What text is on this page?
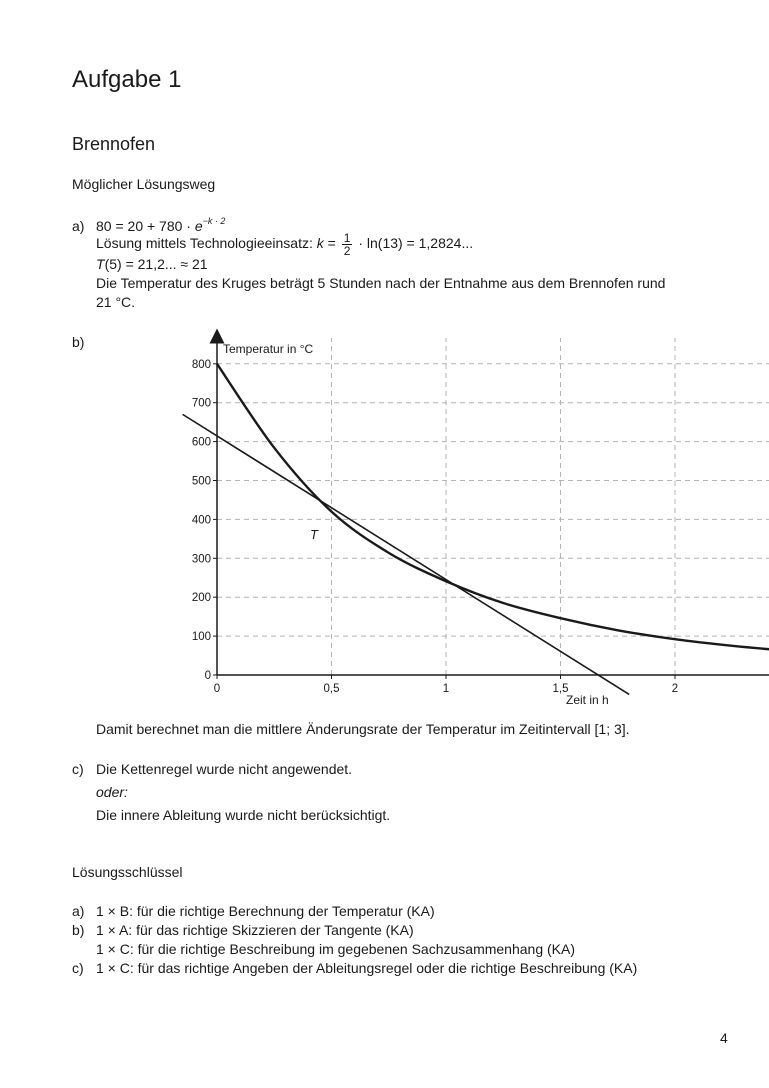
Aufgabe 1
Brennofen
Möglicher Lösungsweg
a) $80 = 20 + 780 \cdot e^{-k \cdot 2}$
Lösung mittels Technologieeinsatz: $k = \frac{1}{2} \cdot \ln(13) = 1,2824$...
T(5) = 21,2... ≈ 21
Die Temperatur des Kruges beträgt 5 Stunden nach der Entnahme aus dem Brennofen rund
21 °C.
b)
0
100
200
300
400
500
600
700
800
0	0,5	1	1,5	2
Temperatur in °C
Zeit in h
T
Damit berechnet man die mittlere Änderungsrate der Temperatur im Zeitintervall [1; 3].
c) Die Kettenregel wurde nicht angewendet.
oder:
Die innere Ableitung wurde nicht berücksichtigt.
Lösungsschlüssel
a) 1 × B: für die richtige Berechnung der Temperatur (KA)
b) 1 × A: für das richtige Skizzieren der Tangente (KA)
1 × C: für die richtige Beschreibung im gegebenen Sachzusammenhang (KA)
c) 1 × C: für das richtige Angeben der Ableitungsregel oder die richtige Beschreibung (KA)
4
